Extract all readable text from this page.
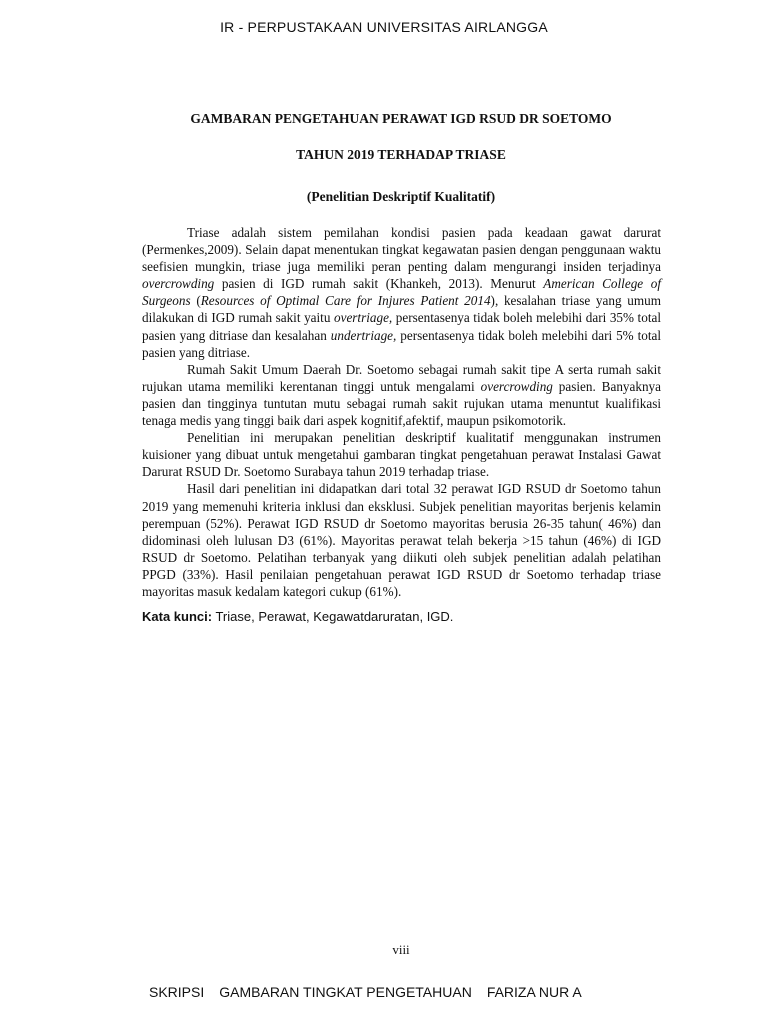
IR - PERPUSTAKAAN UNIVERSITAS AIRLANGGA
GAMBARAN PENGETAHUAN PERAWAT IGD RSUD DR SOETOMO
TAHUN 2019 TERHADAP TRIASE
(Penelitian Deskriptif Kualitatif)

Triase adalah sistem pemilahan kondisi pasien pada keadaan gawat darurat (Permenkes,2009). Selain dapat menentukan tingkat kegawatan pasien dengan penggunaan waktu seefisien mungkin, triase juga memiliki peran penting dalam mengurangi insiden terjadinya overcrowding pasien di IGD rumah sakit (Khankeh, 2013). Menurut American College of Surgeons (Resources of Optimal Care for Injures Patient 2014), kesalahan triase yang umum dilakukan di IGD rumah sakit yaitu overtriage, persentasenya tidak boleh melebihi dari 35% total pasien yang ditriase dan kesalahan undertriage, persentasenya tidak boleh melebihi dari 5% total pasien yang ditriase.

Rumah Sakit Umum Daerah Dr. Soetomo sebagai rumah sakit tipe A serta rumah sakit rujukan utama memiliki kerentanan tinggi untuk mengalami overcrowding pasien. Banyaknya pasien dan tingginya tuntutan mutu sebagai rumah sakit rujukan utama menuntut kualifikasi tenaga medis yang tinggi baik dari aspek kognitif,afektif, maupun psikomotorik.

Penelitian ini merupakan penelitian deskriptif kualitatif menggunakan instrumen kuisioner yang dibuat untuk mengetahui gambaran tingkat pengetahuan perawat Instalasi Gawat Darurat RSUD Dr. Soetomo Surabaya tahun 2019 terhadap triase.

Hasil dari penelitian ini didapatkan dari total 32 perawat IGD RSUD dr Soetomo tahun 2019 yang memenuhi kriteria inklusi dan eksklusi. Subjek penelitian mayoritas berjenis kelamin perempuan (52%). Perawat IGD RSUD dr Soetomo mayoritas berusia 26-35 tahun( 46%) dan didominasi oleh lulusan D3 (61%). Mayoritas perawat telah bekerja >15 tahun (46%) di IGD RSUD dr Soetomo. Pelatihan terbanyak yang diikuti oleh subjek penelitian adalah pelatihan PPGD (33%). Hasil penilaian pengetahuan perawat IGD RSUD dr Soetomo terhadap triase mayoritas masuk kedalam kategori cukup (61%).

Kata kunci: Triase, Perawat, Kegawatdaruratan, IGD.
viii
SKRIPSI GAMBARAN TINGKAT PENGETAHUAN FARIZA NUR A
